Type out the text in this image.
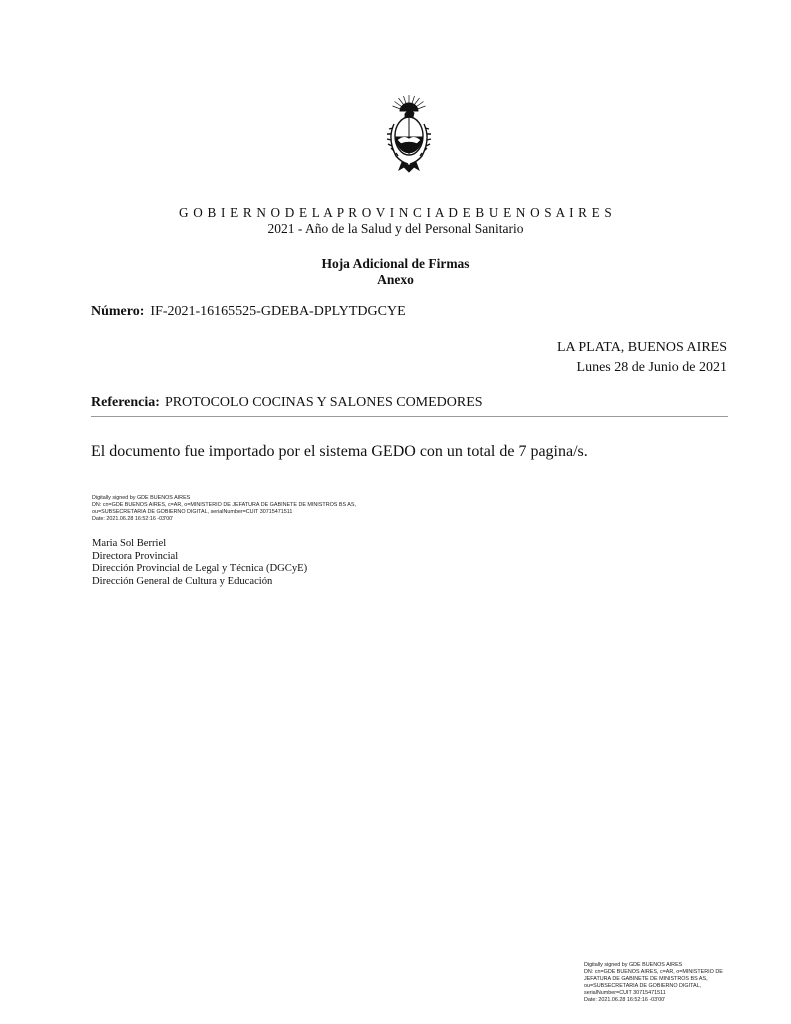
G O B I E R N O D E L A P R O V I N C I A D E B U E N O S A I R E S
2021 - Año de la Salud y del Personal Sanitario
Hoja Adicional de Firmas
Anexo
Número: IF-2021-16165525-GDEBA-DPLYTDGCYE
LA PLATA, BUENOS AIRES
Lunes 28 de Junio de 2021
Referencia: PROTOCOLO COCINAS Y SALONES COMEDORES
El documento fue importado por el sistema GEDO con un total de 7 pagina/s.
Digitally signed by GDE BUENOS AIRES
DN: cn=GDE BUENOS AIRES, c=AR, o=MINISTERIO DE JEFATURA DE GABINETE DE MINISTROS BS AS,
ou=SUBSECRETARIA DE GOBIERNO DIGITAL, serialNumber=CUIT 30715471511
Date: 2021.06.28 16:52:16 -03'00'
Maria Sol Berriel
Directora Provincial
Dirección Provincial de Legal y Técnica (DGCyE)
Dirección General de Cultura y Educación
Digitally signed by GDE BUENOS AIRES
DN: cn=GDE BUENOS AIRES, c=AR, o=MINISTERIO DE
JEFATURA DE GABINETE DE MINISTROS BS AS,
ou=SUBSECRETARIA DE GOBIERNO DIGITAL,
serialNumber=CUIT 30715471511
Date: 2021.06.28 16:52:16 -03'00'
